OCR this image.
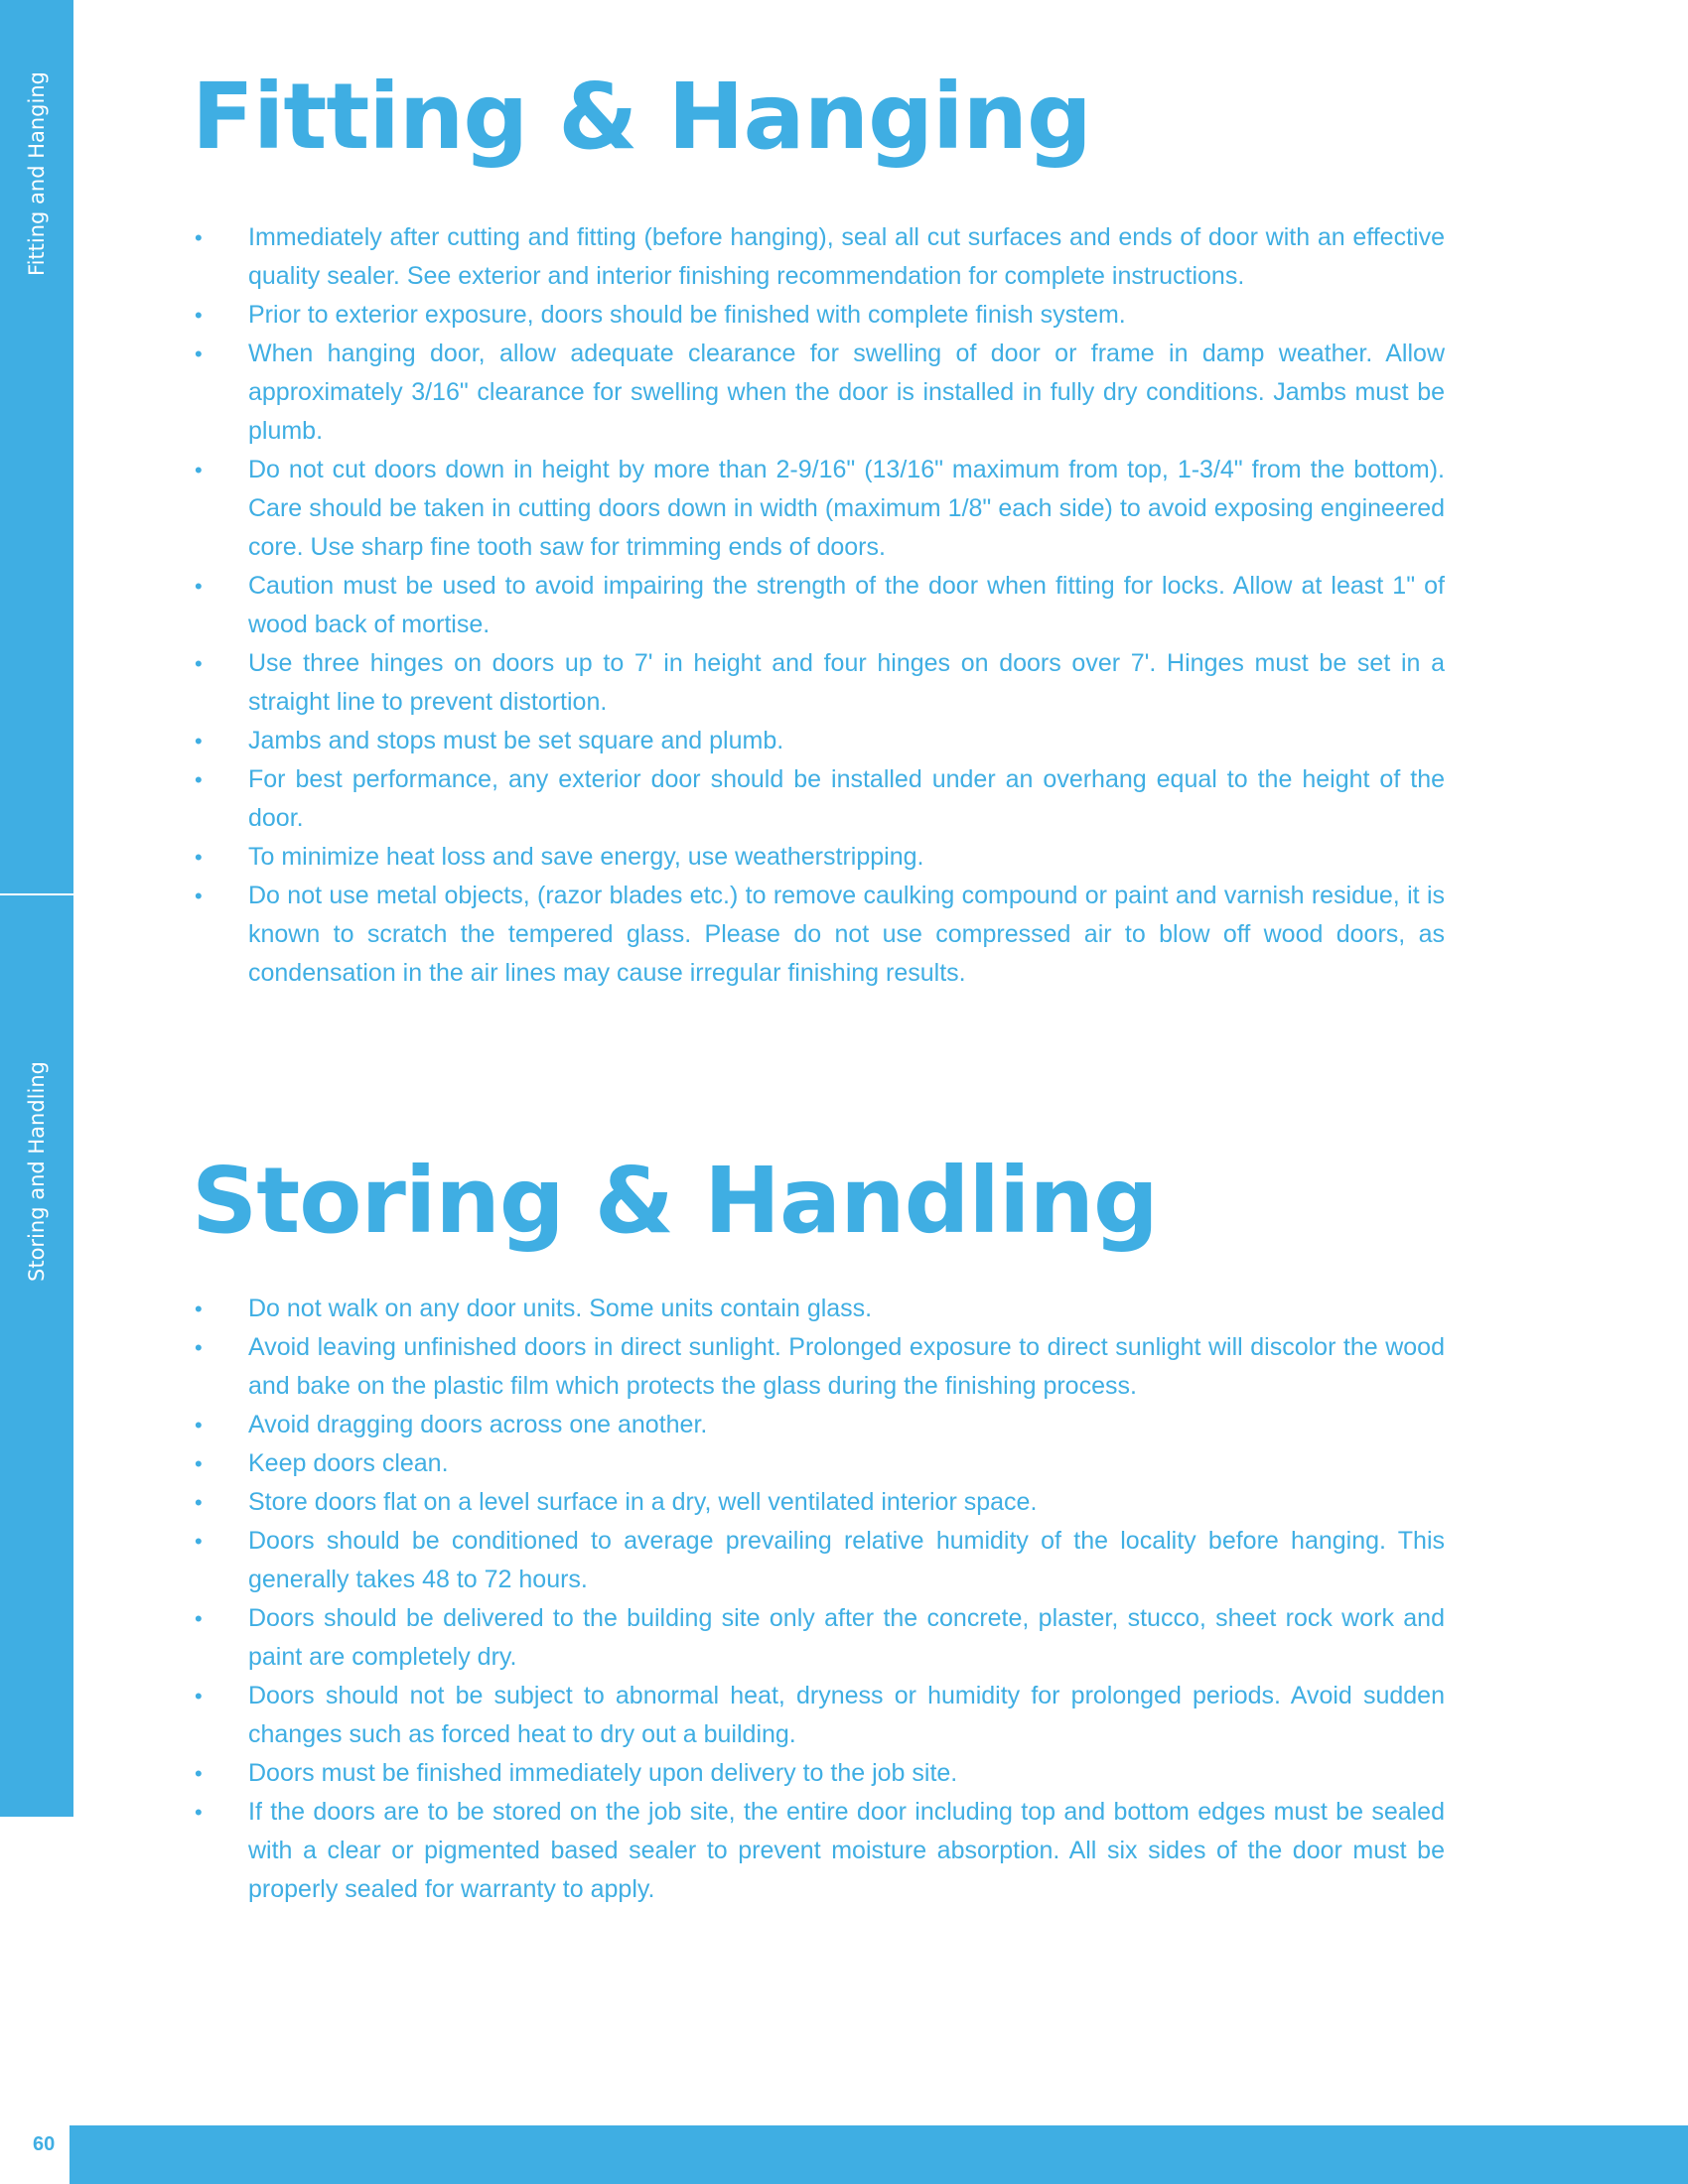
Fitting and Hanging
Storing and Handling
Fitting & Hanging
• Immediately after cutting and fitting (before hanging), seal all cut surfaces and ends of door with an effective quality sealer. See exterior and interior finishing recommendation for complete instructions.
• Prior to exterior exposure, doors should be finished with complete finish system.
• When hanging door, allow adequate clearance for swelling of door or frame in damp weather. Allow approximately 3/16" clearance for swelling when the door is installed in fully dry conditions. Jambs must be plumb.
• Do not cut doors down in height by more than 2-9/16" (13/16" maximum from top, 1-3/4" from the bottom). Care should be taken in cutting doors down in width (maximum 1/8" each side) to avoid exposing engineered core. Use sharp fine tooth saw for trimming ends of doors.
• Caution must be used to avoid impairing the strength of the door when fitting for locks. Allow at least 1" of wood back of mortise.
• Use three hinges on doors up to 7' in height and four hinges on doors over 7'. Hinges must be set in a straight line to prevent distortion.
• Jambs and stops must be set square and plumb.
• For best performance, any exterior door should be installed under an overhang equal to the height of the door.
• To minimize heat loss and save energy, use weatherstripping.
• Do not use metal objects, (razor blades etc.) to remove caulking compound or paint and varnish residue, it is known to scratch the tempered glass. Please do not use compressed air to blow off wood doors, as condensation in the air lines may cause irregular finishing results.
Storing & Handling
• Do not walk on any door units. Some units contain glass.
• Avoid leaving unfinished doors in direct sunlight. Prolonged exposure to direct sunlight will discolor the wood and bake on the plastic film which protects the glass during the finishing process.
• Avoid dragging doors across one another.
• Keep doors clean.
• Store doors flat on a level surface in a dry, well ventilated interior space.
• Doors should be conditioned to average prevailing relative humidity of the locality before hanging. This generally takes 48 to 72 hours.
• Doors should be delivered to the building site only after the concrete, plaster, stucco, sheet rock work and paint are completely dry.
• Doors should not be subject to abnormal heat, dryness or humidity for prolonged periods. Avoid sudden changes such as forced heat to dry out a building.
• Doors must be finished immediately upon delivery to the job site.
• If the doors are to be stored on the job site, the entire door including top and bottom edges must be sealed with a clear or pigmented based sealer to prevent moisture absorption. All six sides of the door must be properly sealed for warranty to apply.
60
